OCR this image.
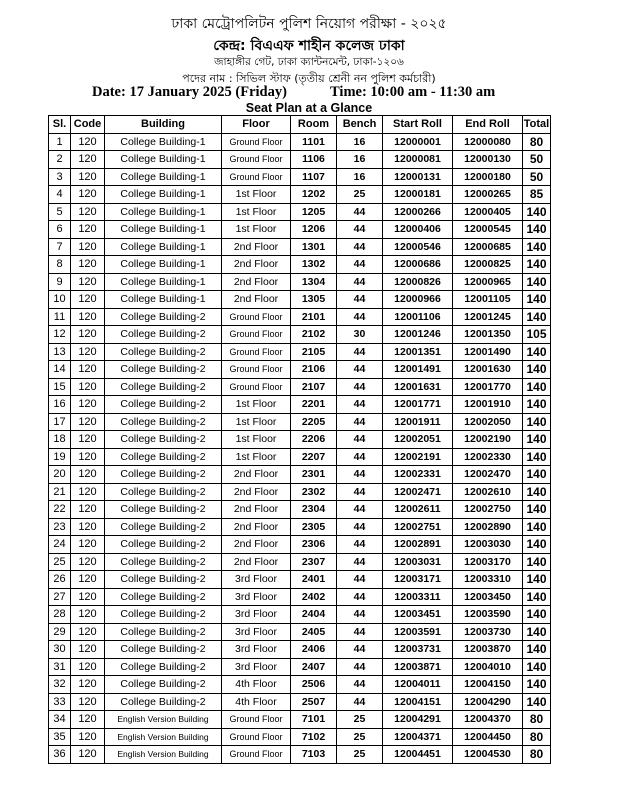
ঢাকা মেট্রোপলিটন পুলিশ নিয়োগ পরীক্ষা - ২০২৫
কেন্দ্র: বিএএফ শাহীন কলেজ ঢাকা
জাহাঙ্গীর গেট, ঢাকা ক্যান্টনমেন্ট, ঢাকা-১২০৬
পদের নাম : সিভিল স্টাফ (তৃতীয় শ্রেনী নন পুলিশ কর্মচারী)
Date: 17 January 2025 (Friday)	Time: 10:00 am - 11:30 am
Seat Plan at a Glance
Sl.	Code	Building	Floor	Room	Bench	Start Roll	End Roll	Total
1	120	College Building-1	Ground Floor	1101	16	12000001	12000080	80
2	120	College Building-1	Ground Floor	1106	16	12000081	12000130	50
3	120	College Building-1	Ground Floor	1107	16	12000131	12000180	50
4	120	College Building-1	1st Floor	1202	25	12000181	12000265	85
5	120	College Building-1	1st Floor	1205	44	12000266	12000405	140
6	120	College Building-1	1st Floor	1206	44	12000406	12000545	140
7	120	College Building-1	2nd Floor	1301	44	12000546	12000685	140
8	120	College Building-1	2nd Floor	1302	44	12000686	12000825	140
9	120	College Building-1	2nd Floor	1304	44	12000826	12000965	140
10	120	College Building-1	2nd Floor	1305	44	12000966	12001105	140
11	120	College Building-2	Ground Floor	2101	44	12001106	12001245	140
12	120	College Building-2	Ground Floor	2102	30	12001246	12001350	105
13	120	College Building-2	Ground Floor	2105	44	12001351	12001490	140
14	120	College Building-2	Ground Floor	2106	44	12001491	12001630	140
15	120	College Building-2	Ground Floor	2107	44	12001631	12001770	140
16	120	College Building-2	1st Floor	2201	44	12001771	12001910	140
17	120	College Building-2	1st Floor	2205	44	12001911	12002050	140
18	120	College Building-2	1st Floor	2206	44	12002051	12002190	140
19	120	College Building-2	1st Floor	2207	44	12002191	12002330	140
20	120	College Building-2	2nd Floor	2301	44	12002331	12002470	140
21	120	College Building-2	2nd Floor	2302	44	12002471	12002610	140
22	120	College Building-2	2nd Floor	2304	44	12002611	12002750	140
23	120	College Building-2	2nd Floor	2305	44	12002751	12002890	140
24	120	College Building-2	2nd Floor	2306	44	12002891	12003030	140
25	120	College Building-2	2nd Floor	2307	44	12003031	12003170	140
26	120	College Building-2	3rd Floor	2401	44	12003171	12003310	140
27	120	College Building-2	3rd Floor	2402	44	12003311	12003450	140
28	120	College Building-2	3rd Floor	2404	44	12003451	12003590	140
29	120	College Building-2	3rd Floor	2405	44	12003591	12003730	140
30	120	College Building-2	3rd Floor	2406	44	12003731	12003870	140
31	120	College Building-2	3rd Floor	2407	44	12003871	12004010	140
32	120	College Building-2	4th Floor	2506	44	12004011	12004150	140
33	120	College Building-2	4th Floor	2507	44	12004151	12004290	140
34	120	English Version Building	Ground Floor	7101	25	12004291	12004370	80
35	120	English Version Building	Ground Floor	7102	25	12004371	12004450	80
36	120	English Version Building	Ground Floor	7103	25	12004451	12004530	80
